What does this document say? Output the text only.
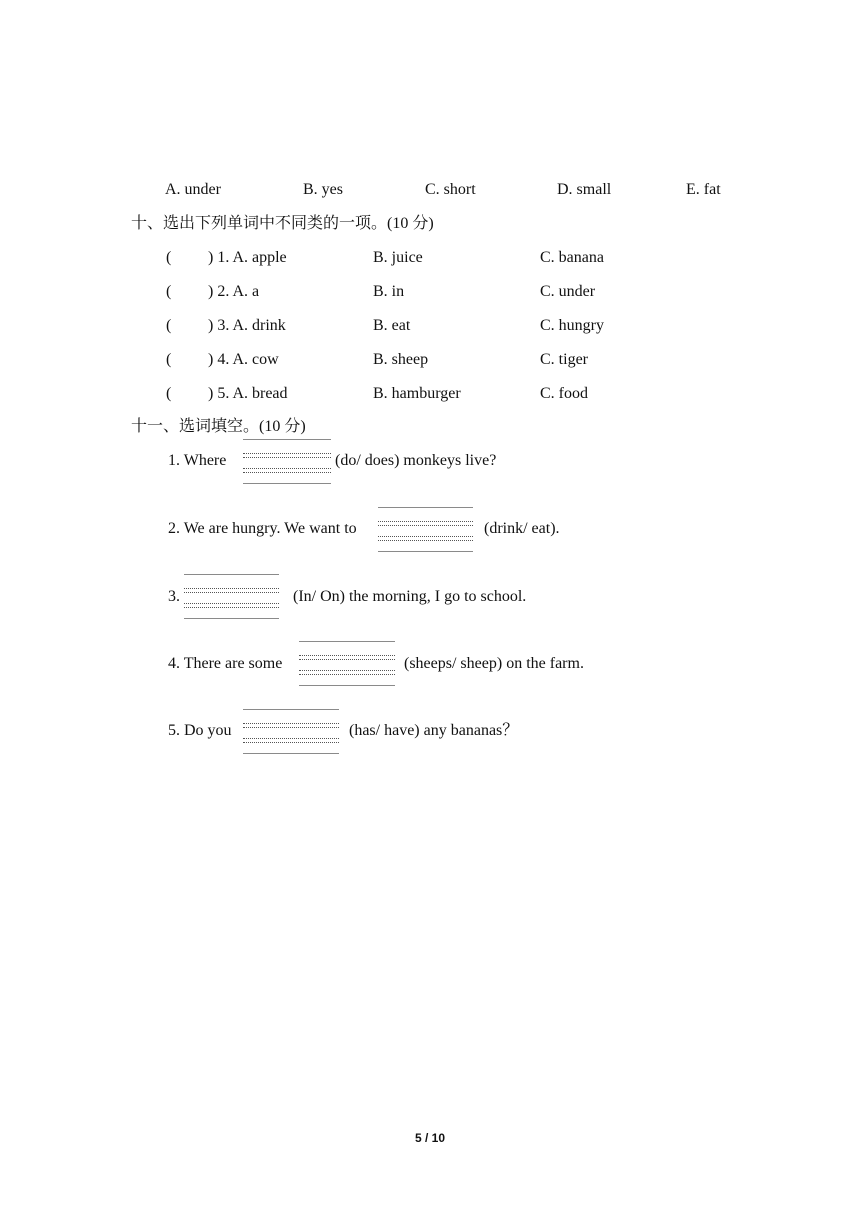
A. under	B. yes	C. short	D. small	E. fat
十、选出下列单词中不同类的一项。(10 分)
( ) 1. A. apple	B. juice	C. banana
( ) 2. A. a	B. in	C. under
( ) 3. A. drink	B. eat	C. hungry
( ) 4. A. cow	B. sheep	C. tiger
( ) 5. A. bread	B. hamburger	C. food
十一、选词填空。(10 分)
1. Where	(do/ does) monkeys live?
2. We are hungry. We want to	(drink/ eat).
3.	(In/ On) the morning, I go to school.
4. There are some	(sheeps/ sheep) on the farm.
5. Do you	(has/ have) any bananas？
5 / 10
